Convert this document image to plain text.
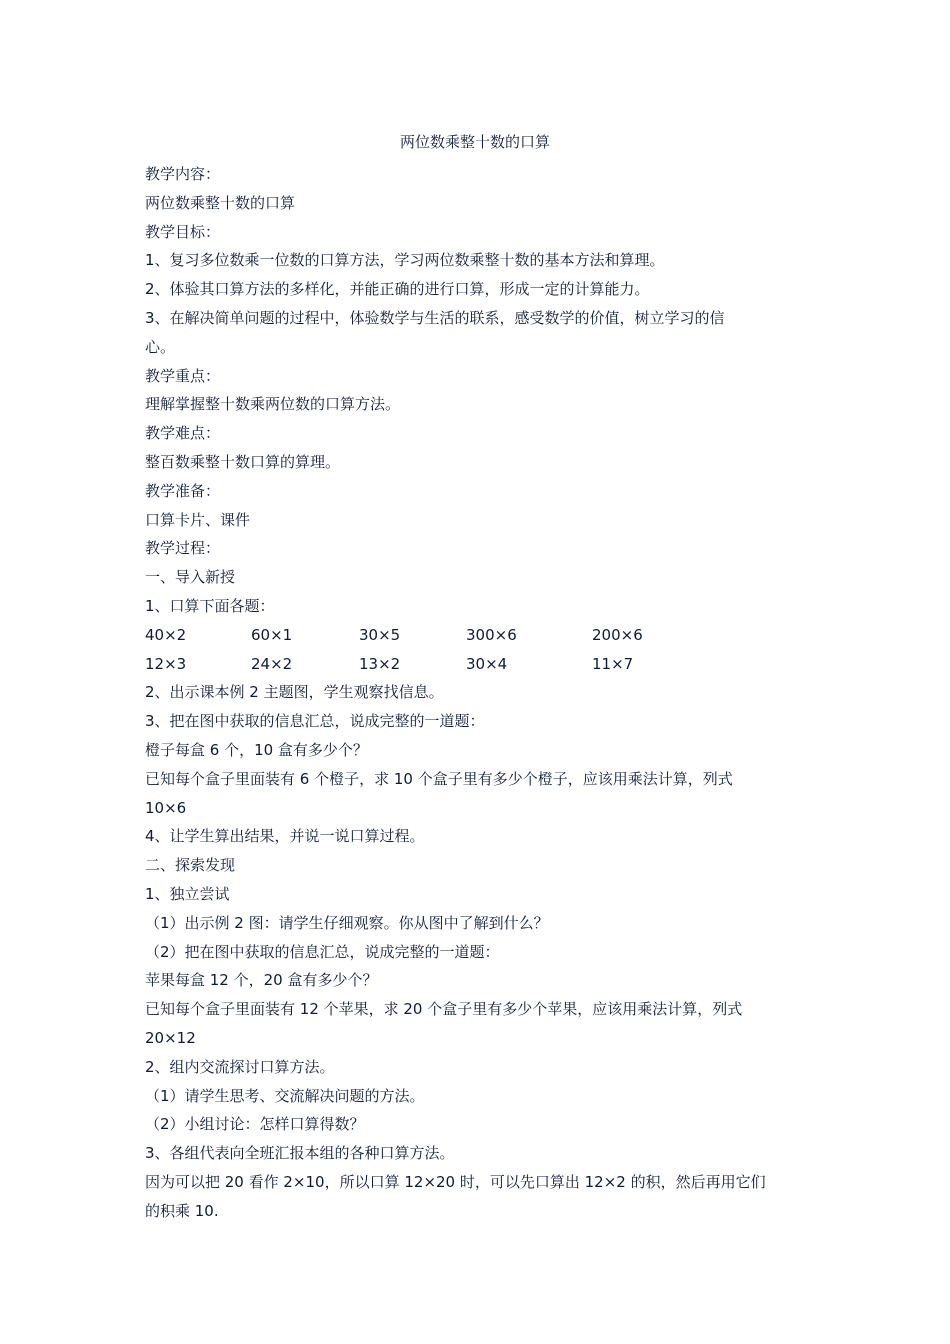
两位数乘整十数的口算
教学内容：
两位数乘整十数的口算
教学目标：
1、复习多位数乘一位数的口算方法，学习两位数乘整十数的基本方法和算理。
2、体验其口算方法的多样化，并能正确的进行口算，形成一定的计算能力。
3、在解决简单问题的过程中，体验数学与生活的联系，感受数学的价值，树立学习的信
心。
教学重点：
理解掌握整十数乘两位数的口算方法。
教学难点：
整百数乘整十数口算的算理。
教学准备：
口算卡片、课件
教学过程：
一、导入新授
1、口算下面各题：
40×2	60×1	30×5	300×6	200×6
12×3	24×2	13×2	30×4	11×7
2、出示课本例 2 主题图，学生观察找信息。
3、把在图中获取的信息汇总，说成完整的一道题：
橙子每盒 6 个，10 盒有多少个？
已知每个盒子里面装有 6 个橙子，求 10 个盒子里有多少个橙子，应该用乘法计算，列式
10×6
4、让学生算出结果，并说一说口算过程。
二、探索发现
1、独立尝试
（1）出示例 2 图：请学生仔细观察。你从图中了解到什么？
（2）把在图中获取的信息汇总，说成完整的一道题：
苹果每盒 12 个，20 盒有多少个？
已知每个盒子里面装有 12 个苹果，求 20 个盒子里有多少个苹果，应该用乘法计算，列式
20×12
2、组内交流探讨口算方法。
（1）请学生思考、交流解决问题的方法。
（2）小组讨论：怎样口算得数？
3、各组代表向全班汇报本组的各种口算方法。
因为可以把 20 看作 2×10，所以口算 12×20 时，可以先口算出 12×2 的积，然后再用它们
的积乘 10.
